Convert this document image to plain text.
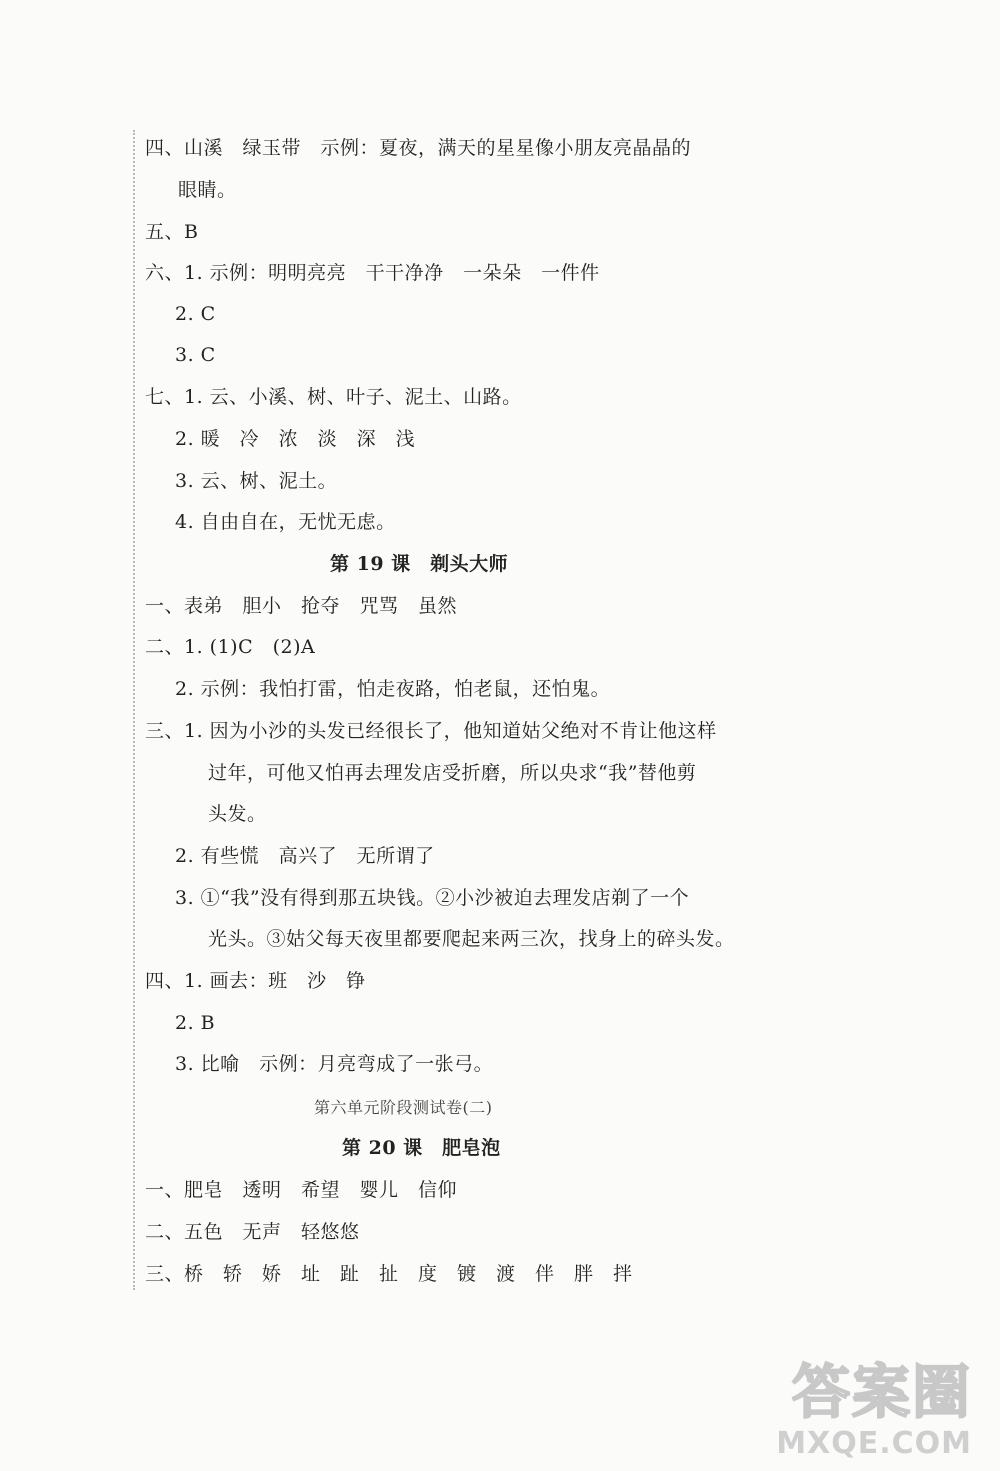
四、山溪　绿玉带　示例：夏夜，满天的星星像小朋友亮晶晶的
眼睛。
五、B
六、1. 示例：明明亮亮　干干净净　一朵朵　一件件
2. C
3. C
七、1. 云、小溪、树、叶子、泥土、山路。
2. 暖　冷　浓　淡　深　浅
3. 云、树、泥土。
4. 自由自在，无忧无虑。
第 19 课　剃头大师
一、表弟　胆小　抢夺　咒骂　虽然
二、1. (1)C　(2)A
2. 示例：我怕打雷，怕走夜路，怕老鼠，还怕鬼。
三、1. 因为小沙的头发已经很长了，他知道姑父绝对不肯让他这样
过年，可他又怕再去理发店受折磨，所以央求“我”替他剪
头发。
2. 有些慌　高兴了　无所谓了
3. ①“我”没有得到那五块钱。②小沙被迫去理发店剃了一个
光头。③姑父每天夜里都要爬起来两三次，找身上的碎头发。
四、1. 画去：班　沙　铮
2. B
3. 比喻　示例：月亮弯成了一张弓。
第六单元阶段测试卷(二)
第 20 课　肥皂泡
一、肥皂　透明　希望　婴儿　信仰
二、五色　无声　轻悠悠
三、桥　轿　娇　址　趾　扯　度　镀　渡　伴　胖　拌
答案圈
MXQE.COM
